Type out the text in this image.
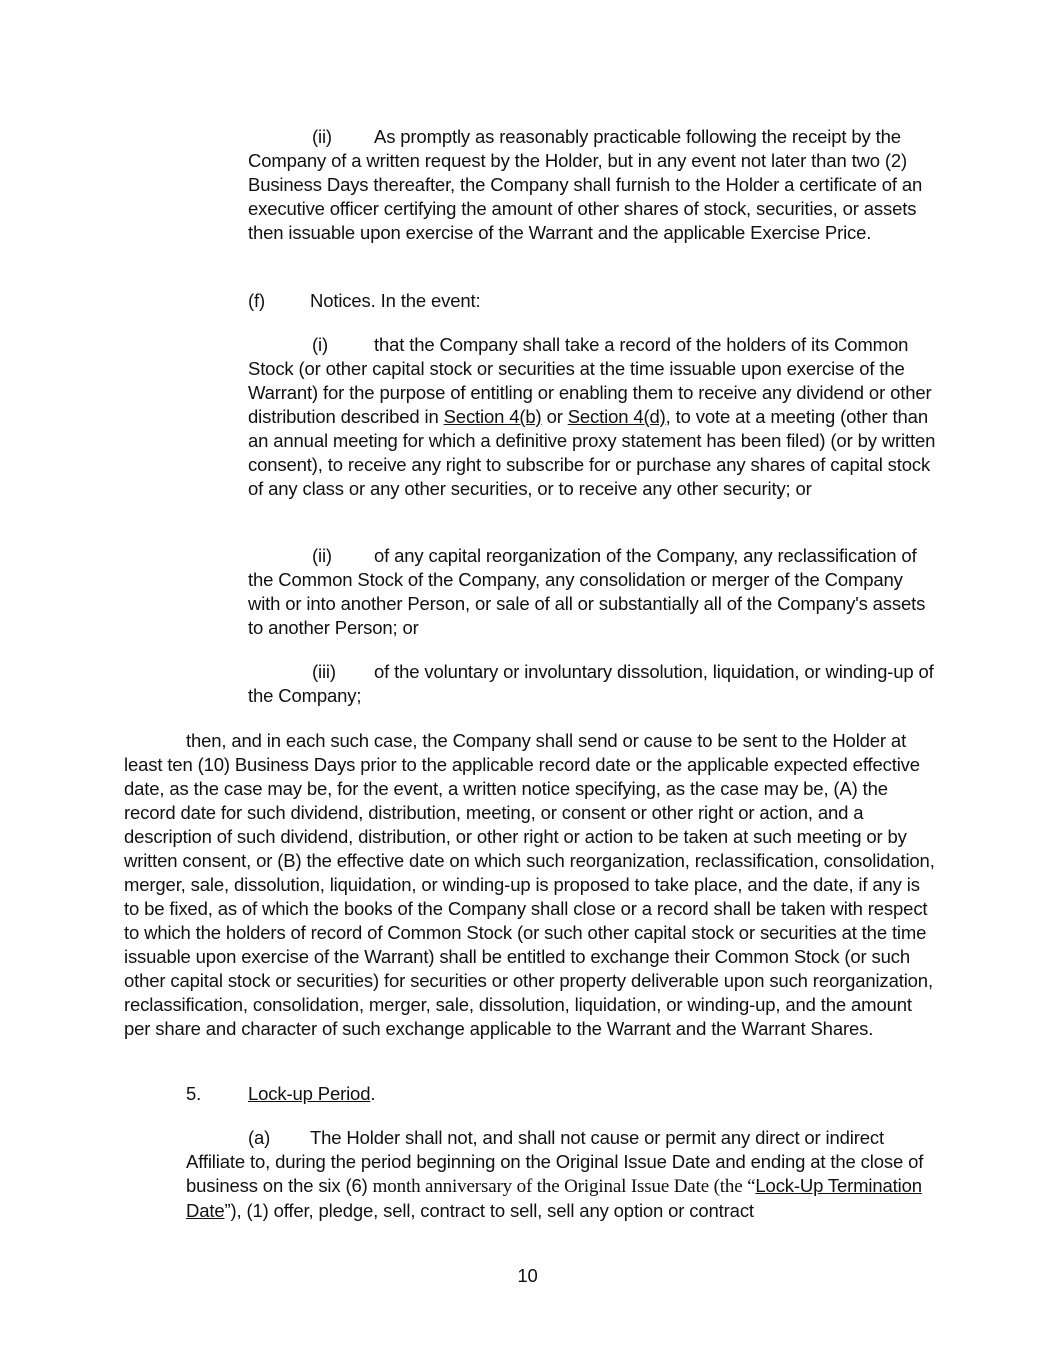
(ii) As promptly as reasonably practicable following the receipt by the Company of a written request by the Holder, but in any event not later than two (2) Business Days thereafter, the Company shall furnish to the Holder a certificate of an executive officer certifying the amount of other shares of stock, securities, or assets then issuable upon exercise of the Warrant and the applicable Exercise Price.

(f) Notices. In the event:

(i) that the Company shall take a record of the holders of its Common Stock (or other capital stock or securities at the time issuable upon exercise of the Warrant) for the purpose of entitling or enabling them to receive any dividend or other distribution described in Section 4(b) or Section 4(d), to vote at a meeting (other than an annual meeting for which a definitive proxy statement has been filed) (or by written consent), to receive any right to subscribe for or purchase any shares of capital stock of any class or any other securities, or to receive any other security; or

(ii) of any capital reorganization of the Company, any reclassification of the Common Stock of the Company, any consolidation or merger of the Company with or into another Person, or sale of all or substantially all of the Company's assets to another Person; or

(iii) of the voluntary or involuntary dissolution, liquidation, or winding-up of the Company;

then, and in each such case, the Company shall send or cause to be sent to the Holder at least ten (10) Business Days prior to the applicable record date or the applicable expected effective date, as the case may be, for the event, a written notice specifying, as the case may be, (A) the record date for such dividend, distribution, meeting, or consent or other right or action, and a description of such dividend, distribution, or other right or action to be taken at such meeting or by written consent, or (B) the effective date on which such reorganization, reclassification, consolidation, merger, sale, dissolution, liquidation, or winding-up is proposed to take place, and the date, if any is to be fixed, as of which the books of the Company shall close or a record shall be taken with respect to which the holders of record of Common Stock (or such other capital stock or securities at the time issuable upon exercise of the Warrant) shall be entitled to exchange their Common Stock (or such other capital stock or securities) for securities or other property deliverable upon such reorganization, reclassification, consolidation, merger, sale, dissolution, liquidation, or winding-up, and the amount per share and character of such exchange applicable to the Warrant and the Warrant Shares.

5.	Lock-up Period.

(a) The Holder shall not, and shall not cause or permit any direct or indirect Affiliate to, during the period beginning on the Original Issue Date and ending at the close of business on the six (6) month anniversary of the Original Issue Date (the “Lock-Up Termination Date”), (1) offer, pledge, sell, contract to sell, sell any option or contract

10
